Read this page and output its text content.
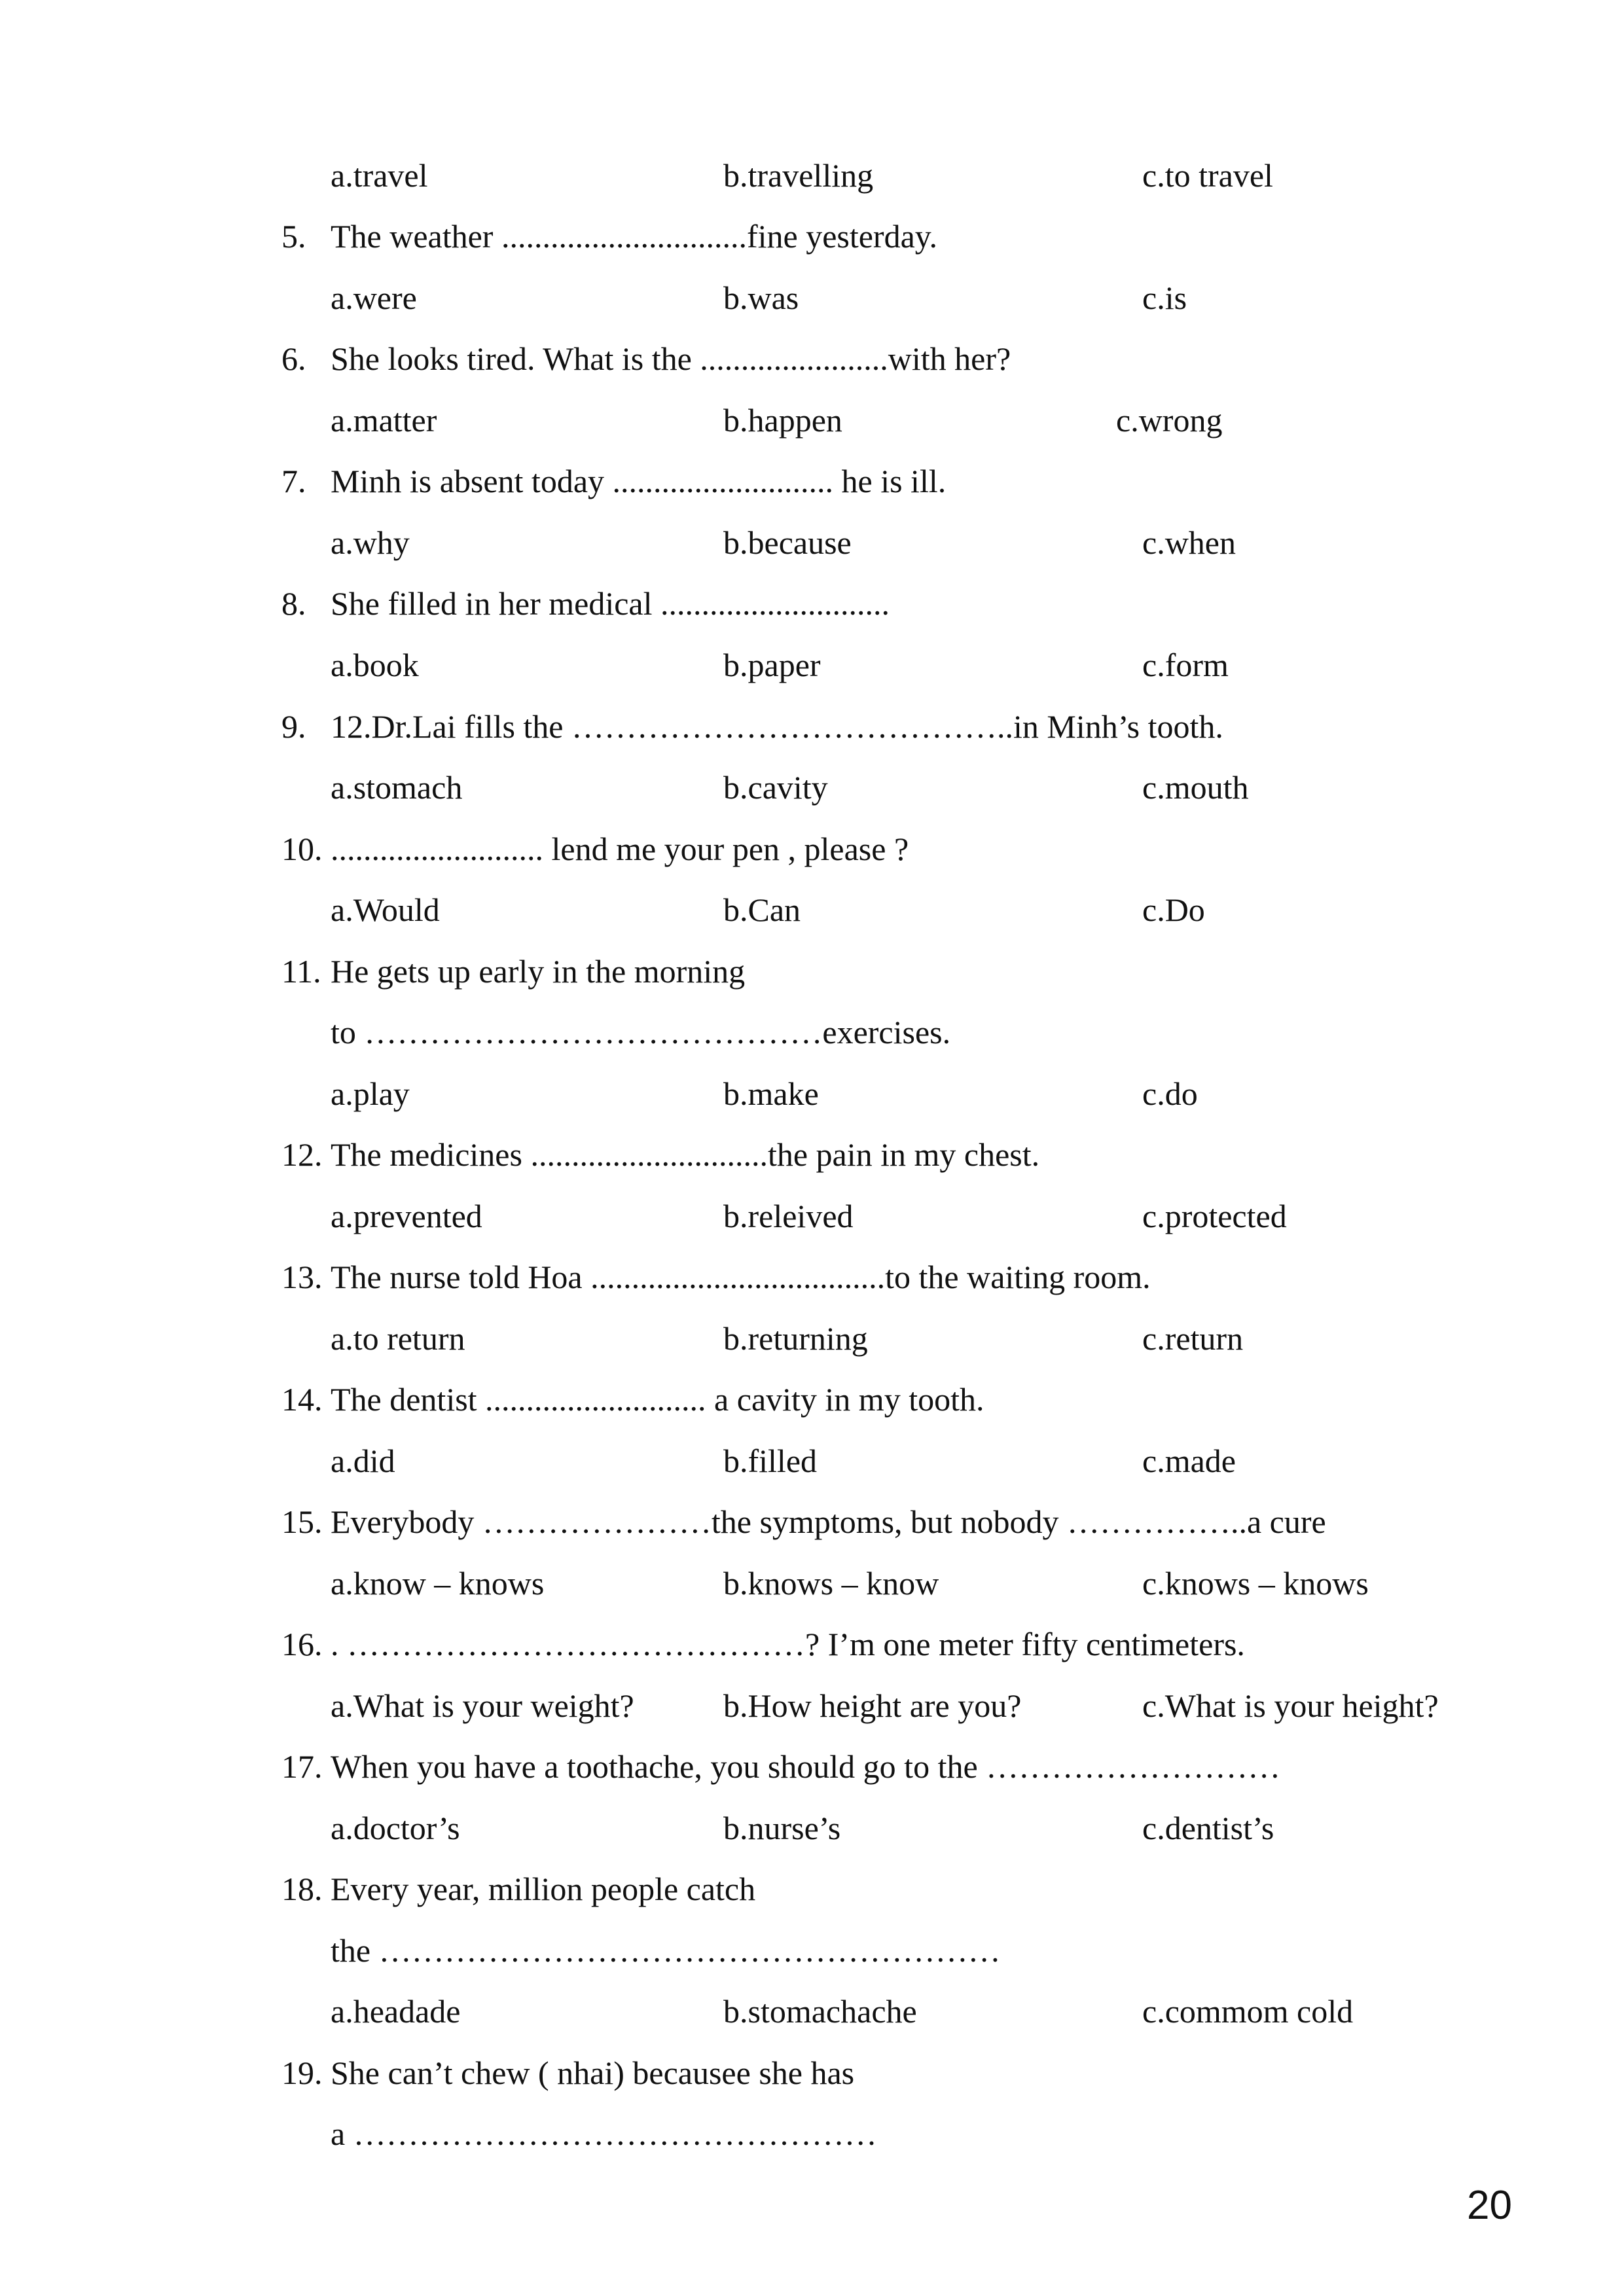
a.travel	b.travelling	c.to travel
5. The weather ..............................fine yesterday.
a.were	b.was	c.is
6. She looks tired. What is the .......................with her?
a.matter	b.happen	c.wrong
7. Minh is absent today ........................... he is ill.
a.why	b.because	c.when
8. She filled in her medical ............................
a.book	b.paper	c.form
9. 12.Dr.Lai fills the …………………………………..in Minh’s tooth.
a.stomach	b.cavity	c.mouth
10. .......................... lend me your pen , please ?
a.Would	b.Can	c.Do
11. He gets up early in the morning
to ……………………………………exercises.
a.play	b.make	c.do
12. The medicines .............................the pain in my chest.
a.prevented	b.releived	c.protected
13. The nurse told Hoa ....................................to the waiting room.
a.to return	b.returning	c.return
14. The dentist ........................... a cavity in my tooth.
a.did	b.filled	c.made
15. Everybody …………………the symptoms, but nobody ……………..a cure
a.know – knows	b.knows – know	c.knows – knows
16. . ……………………………………? I’m one meter fifty centimeters.
a.What is your weight?	b.How height are you?	c.What is your height?
17. When you have a toothache, you should go to the ………………………
a.doctor’s	b.nurse’s	c.dentist’s
18. Every year, million people catch
the …………………………………………………
a.headade	b.stomachache	c.commom cold
19. She can’t chew ( nhai) becausee she has
a …………………………………………
20
